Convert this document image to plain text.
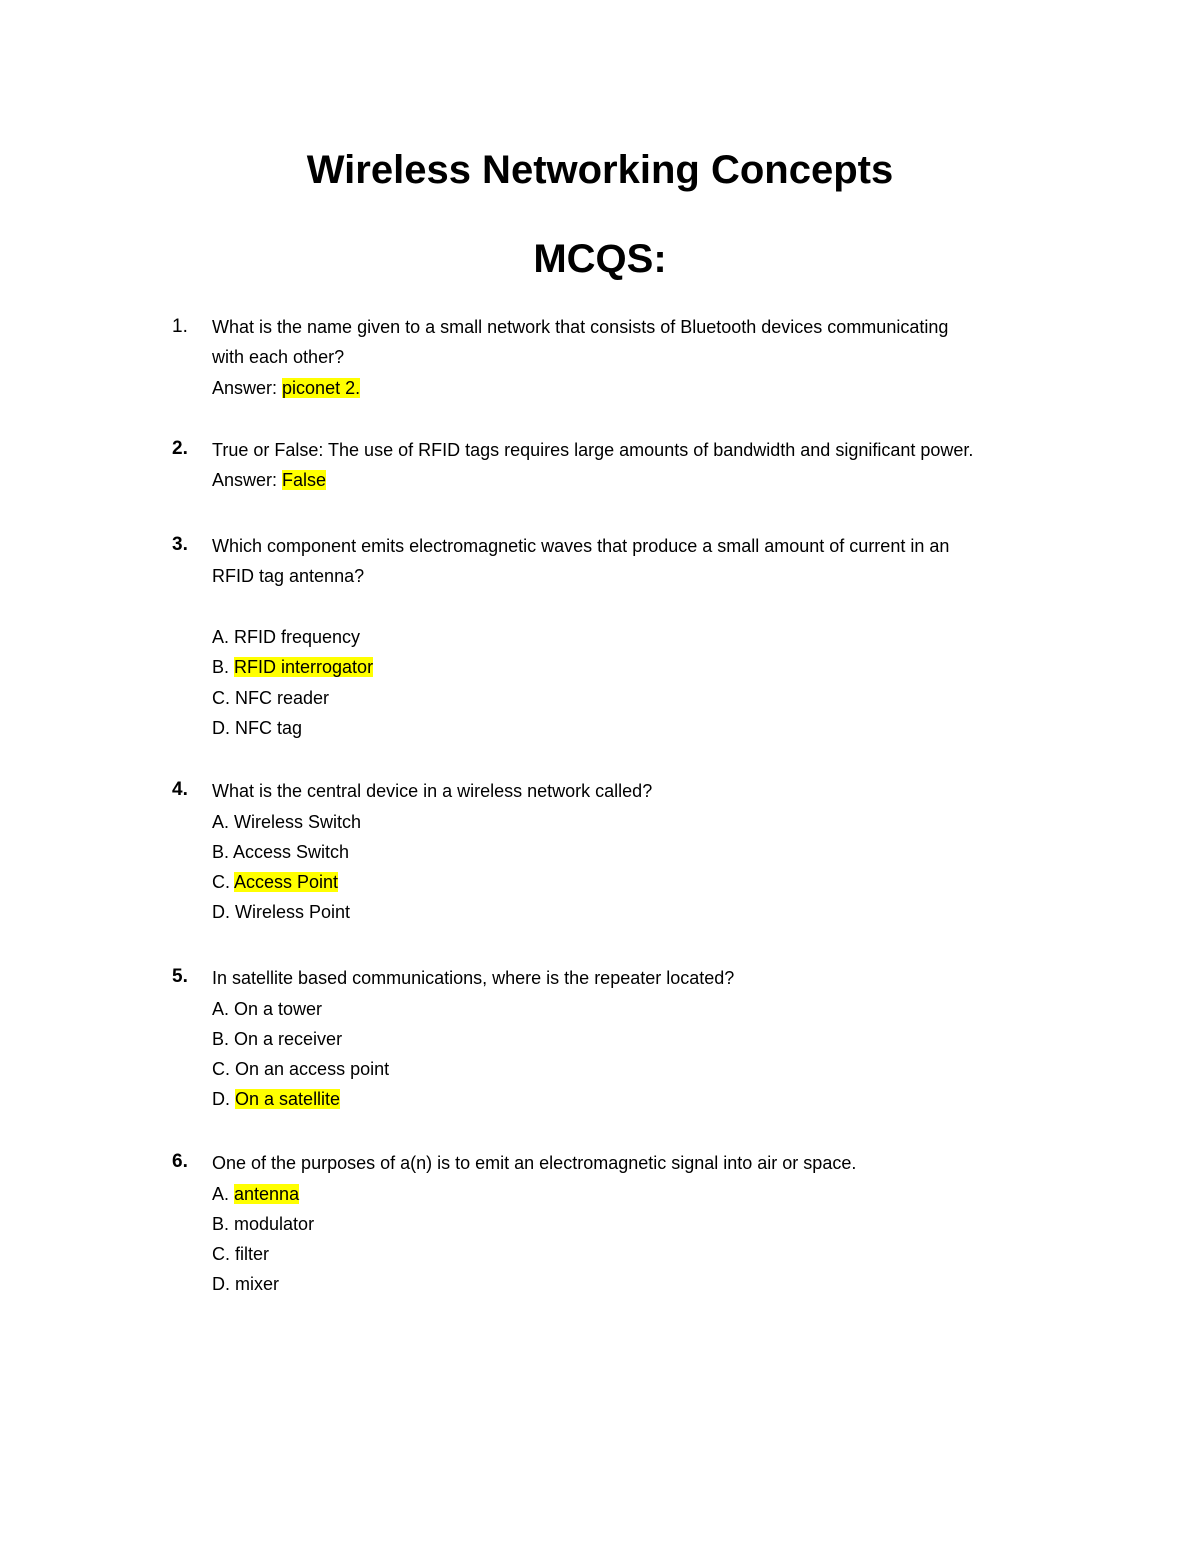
Wireless Networking Concepts
MCQS:
1. What is the name given to a small network that consists of Bluetooth devices communicating
with each other?
Answer: piconet 2.
2. True or False: The use of RFID tags requires large amounts of bandwidth and significant power.
Answer: False
3. Which component emits electromagnetic waves that produce a small amount of current in an
RFID tag antenna?
A. RFID frequency
B. RFID interrogator
C. NFC reader
D. NFC tag
4. What is the central device in a wireless network called?
A. Wireless Switch
B. Access Switch
C. Access Point
D. Wireless Point
5. In satellite based communications, where is the repeater located?
A. On a tower
B. On a receiver
C. On an access point
D. On a satellite
6. One of the purposes of a(n) is to emit an electromagnetic signal into air or space.
A. antenna
B. modulator
C. filter
D. mixer
